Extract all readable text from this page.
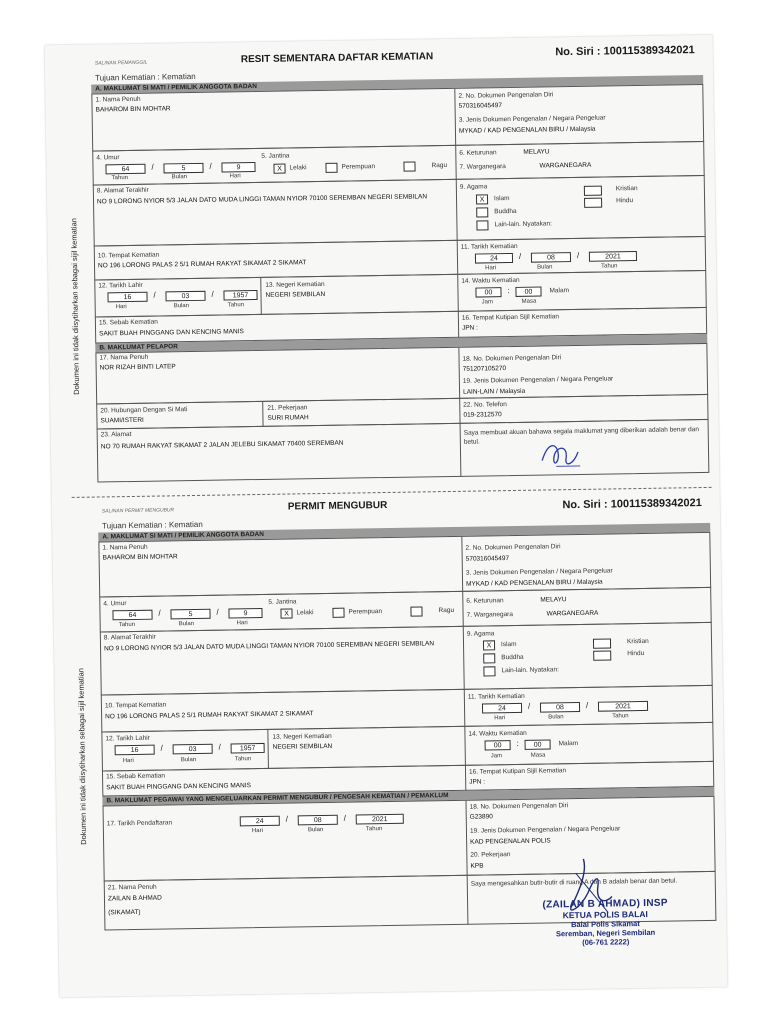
SALINAN PEMANGGIL	RESIT SEMENTARA DAFTAR KEMATIAN	No. Siri : 100115389342021
Tujuan Kematian : Kematian
A. MAKLUMAT SI MATI / PEMILIK ANGGOTA BADAN
1. Nama Penuh
BAHAROM BIN MOHTAR
2. No. Dokumen Pengenalan Diri
570316045497
3. Jenis Dokumen Pengenalan / Negara Pengeluar
MYKAD / KAD PENGENALAN BIRU / Malaysia
4. Umur
64	/	5	/	9
Tahun	Bulan	Hari
5. Jantina
X	Lelaki	Perempuan	Ragu
6. Keturunan	MELAYU
7. Warganegara	WARGANEGARA
8. Alamat Terakhir
NO 9 LORONG NYIOR 5/3 JALAN DATO MUDA LINGGI TAMAN NYIOR 70100 SEREMBAN NEGERI SEMBILAN
9. Agama
X	Islam
Buddha
Lain-lain. Nyatakan:
Kristian
Hindu
10. Tempat Kematian
NO 196 LORONG PALAS 2 5/1 RUMAH RAKYAT SIKAMAT 2 SIKAMAT
11. Tarikh Kematian
24	/	08	/	2021
Hari	Bulan	Tahun
12. Tarikh Lahir
16	/	03	/	1957
Hari	Bulan	Tahun
13. Negeri Kematian
NEGERI SEMBILAN
14. Waktu Kematian
00	:	00	Malam
Jam	Masa
15. Sebab Kematian
SAKIT BUAH PINGGANG DAN KENCING MANIS
16. Tempat Kutipan Sijil Kematian
JPN :
B. MAKLUMAT PELAPOR
17. Nama Penuh
NOR RIZAH BINTI LATEP
18. No. Dokumen Pengenalan Diri
751207105270
19. Jenis Dokumen Pengenalan / Negara Pengeluar
LAIN-LAIN / Malaysia
20. Hubungan Dengan Si Mati
SUAMI/ISTERI
21. Pekerjaan
SURI RUMAH
22. No. Telefon
019-2312570
23. Alamat
NO 70 RUMAH RAKYAT SIKAMAT 2 JALAN JELEBU SIKAMAT 70400 SEREMBAN
Saya membuat akuan bahawa segala maklumat yang diberikan adalah benar dan betul.
SALINAN PERMIT MENGUBUR	PERMIT MENGUBUR	No. Siri : 100115389342021
Tujuan Kematian : Kematian
A. MAKLUMAT SI MATI / PEMILIK ANGGOTA BADAN
1. Nama Penuh
BAHAROM BIN MOHTAR
2. No. Dokumen Pengenalan Diri
570316045497
3. Jenis Dokumen Pengenalan / Negara Pengeluar
MYKAD / KAD PENGENALAN BIRU / Malaysia
4. Umur
64	/	5	/	9
Tahun	Bulan	Hari
5. Jantina
X	Lelaki	Perempuan	Ragu
6. Keturunan	MELAYU
7. Warganegara	WARGANEGARA
8. Alamat Terakhir
NO 9 LORONG NYIOR 5/3 JALAN DATO MUDA LINGGI TAMAN NYIOR 70100 SEREMBAN NEGERI SEMBILAN
9. Agama
X	Islam
Buddha
Lain-lain. Nyatakan:
Kristian
Hindu
10. Tempat Kematian
NO 196 LORONG PALAS 2 5/1 RUMAH RAKYAT SIKAMAT 2 SIKAMAT
11. Tarikh Kematian
24	/	08	/	2021
Hari	Bulan	Tahun
12. Tarikh Lahir
16	/	03	/	1957
Hari	Bulan	Tahun
13. Negeri Kematian
NEGERI SEMBILAN
14. Waktu Kematian
00	:	00	Malam
Jam	Masa
15. Sebab Kematian
SAKIT BUAH PINGGANG DAN KENCING MANIS
16. Tempat Kutipan Sijil Kematian
JPN :
B. MAKLUMAT PEGAWAI YANG MENGELUARKAN PERMIT MENGUBUR / PENGESAH KEMATIAN / PEMAKLUM
17. Tarikh Pendaftaran	24	/	08	/	2021
Hari	Bulan	Tahun
18. No. Dokumen Pengenalan Diri
G23890
19. Jenis Dokumen Pengenalan / Negara Pengeluar
KAD PENGENALAN POLIS
20. Pekerjaan
KPB
21. Nama Penuh
ZAILAN B AHMAD
(SIKAMAT)
Saya mengesahkan butir-butir di ruang A dan B adalah benar dan betul.
(ZAILAN B AHMAD) INSP
KETUA POLIS BALAI
Balai Polis Sikamat
Seremban, Negeri Sembilan
(06-761 2222)
Dokumen ini tidak diisytiharkan sebagai sijil kematian
Dokumen ini tidak diisytiharkan sebagai sijil kematian
